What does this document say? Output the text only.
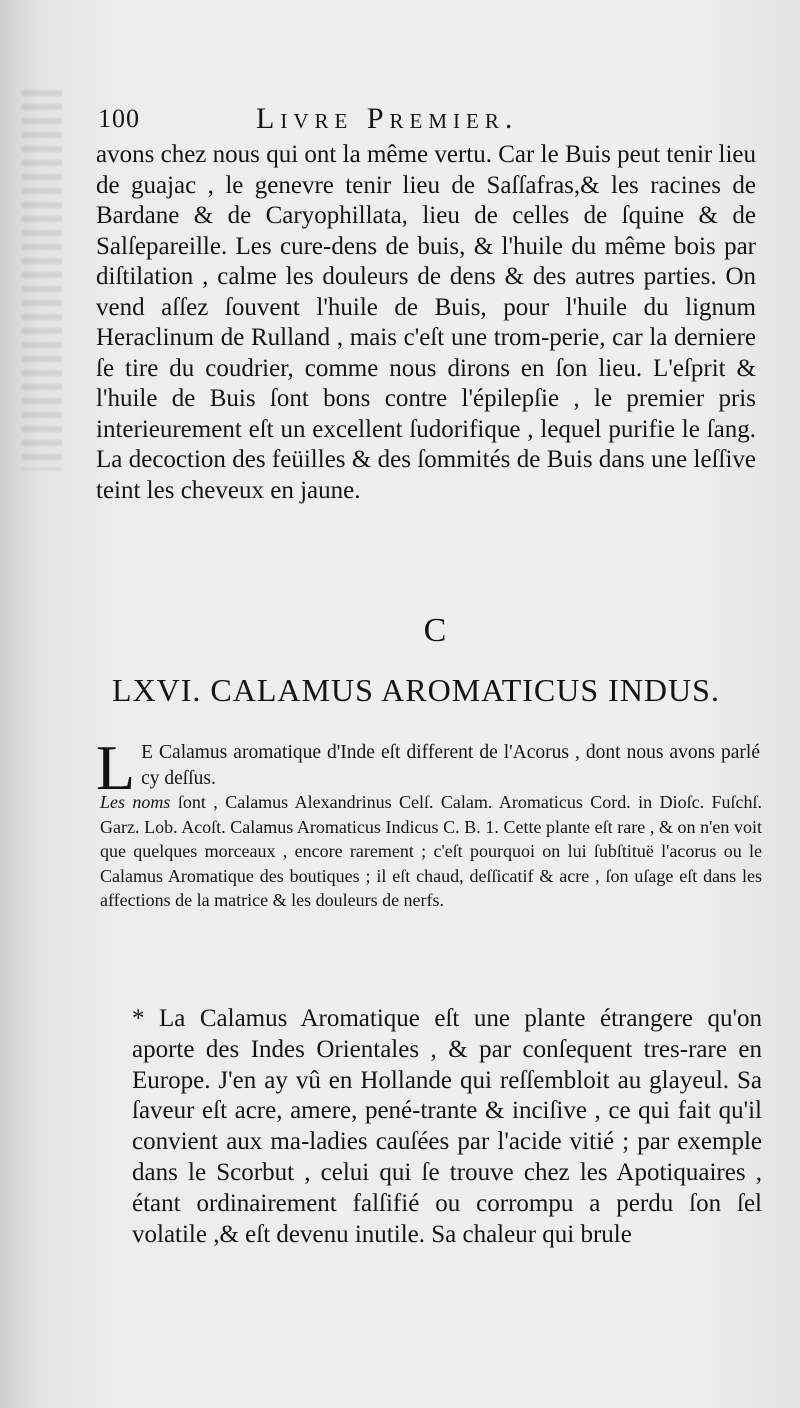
100	Livre Premier.

avons chez nous qui ont la même vertu. Car le Buis peut tenir lieu de guajac , le genevre tenir lieu de Saſſafras,& les racines de Bardane & de Caryophillata, lieu de celles de ſquine & de Salſepareille. Les cure-dens de buis, & l'huile du même bois par diſtilation , calme les douleurs de dens & des autres parties. On vend aſſez ſouvent l'huile de Buis, pour l'huile du lignum Heraclinum de Rulland , mais c'eſt une trom-perie, car la derniere ſe tire du coudrier, comme nous dirons en ſon lieu. L'eſprit & l'huile de Buis ſont bons contre l'épilepſie , le premier pris interieurement eſt un excellent ſudorifique , lequel purifie le ſang. La decoction des feüilles & des ſommités de Buis dans une leſſive teint les cheveux en jaune.

C
LXVI. CALAMUS AROMATICUS INDUS.
L E Calamus aromatique d'Inde eſt different de l'Acorus , dont nous avons parlé cy deſſus.

Les noms ſont , Calamus Alexandrinus Celſ. Calam. Aromaticus Cord. in Dioſc. Fuſchſ. Garz. Lob. Acoſt. Calamus Aromaticus Indicus C. B. 1. Cette plante eſt rare , & on n'en voit que quelques morceaux , encore rarement ; c'eſt pourquoi on lui ſubſtituë l'acorus ou le Calamus Aromatique des boutiques ; il eſt chaud, deſſicatif & acre , ſon uſage eſt dans les affections de la matrice & les douleurs de nerfs.

* La Calamus Aromatique eſt une plante étrangere qu'on aporte des Indes Orientales , & par conſequent tres-rare en Europe. J'en ay vû en Hollande qui reſſembloit au glayeul. Sa ſaveur eſt acre, amere, pené-trante & inciſive , ce qui fait qu'il convient aux ma-ladies cauſées par l'acide vitié ; par exemple dans le Scorbut , celui qui ſe trouve chez les Apotiquaires , étant ordinairement falſifié ou corrompu a perdu ſon ſel volatile ,& eſt devenu inutile. Sa chaleur qui brule
